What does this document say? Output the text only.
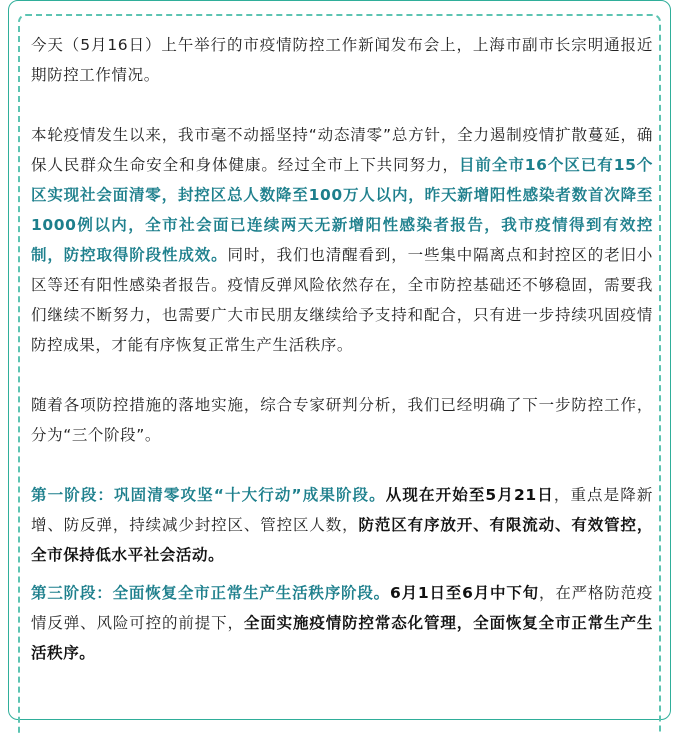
今天（5月16日）上午举行的市疫情防控工作新闻发布会上，上海市副市长宗明通报近期防控工作情况。

本轮疫情发生以来，我市毫不动摇坚持“动态清零”总方针，全力遏制疫情扩散蔓延，确保人民群众生命安全和身体健康。经过全市上下共同努力，目前全市16个区已有15个区实现社会面清零，封控区总人数降至100万人以内，昨天新增阳性感染者数首次降至1000例以内，全市社会面已连续两天无新增阳性感染者报告，我市疫情得到有效控制，防控取得阶段性成效。同时，我们也清醒看到，一些集中隔离点和封控区的老旧小区等还有阳性感染者报告。疫情反弹风险依然存在，全市防控基础还不够稳固，需要我们继续不断努力，也需要广大市民朋友继续给予支持和配合，只有进一步持续巩固疫情防控成果，才能有序恢复正常生产生活秩序。

随着各项防控措施的落地实施，综合专家研判分析，我们已经明确了下一步防控工作，分为“三个阶段”。

第一阶段：巩固清零攻坚“十大行动”成果阶段。从现在开始至5月21日，重点是降新增、防反弹，持续减少封控区、管控区人数，防范区有序放开、有限流动、有效管控，全市保持低水平社会活动。

第三阶段：全面恢复全市正常生产生活秩序阶段。6月1日至6月中下旬，在严格防范疫情反弹、风险可控的前提下，全面实施疫情防控常态化管理，全面恢复全市正常生产生活秩序。
